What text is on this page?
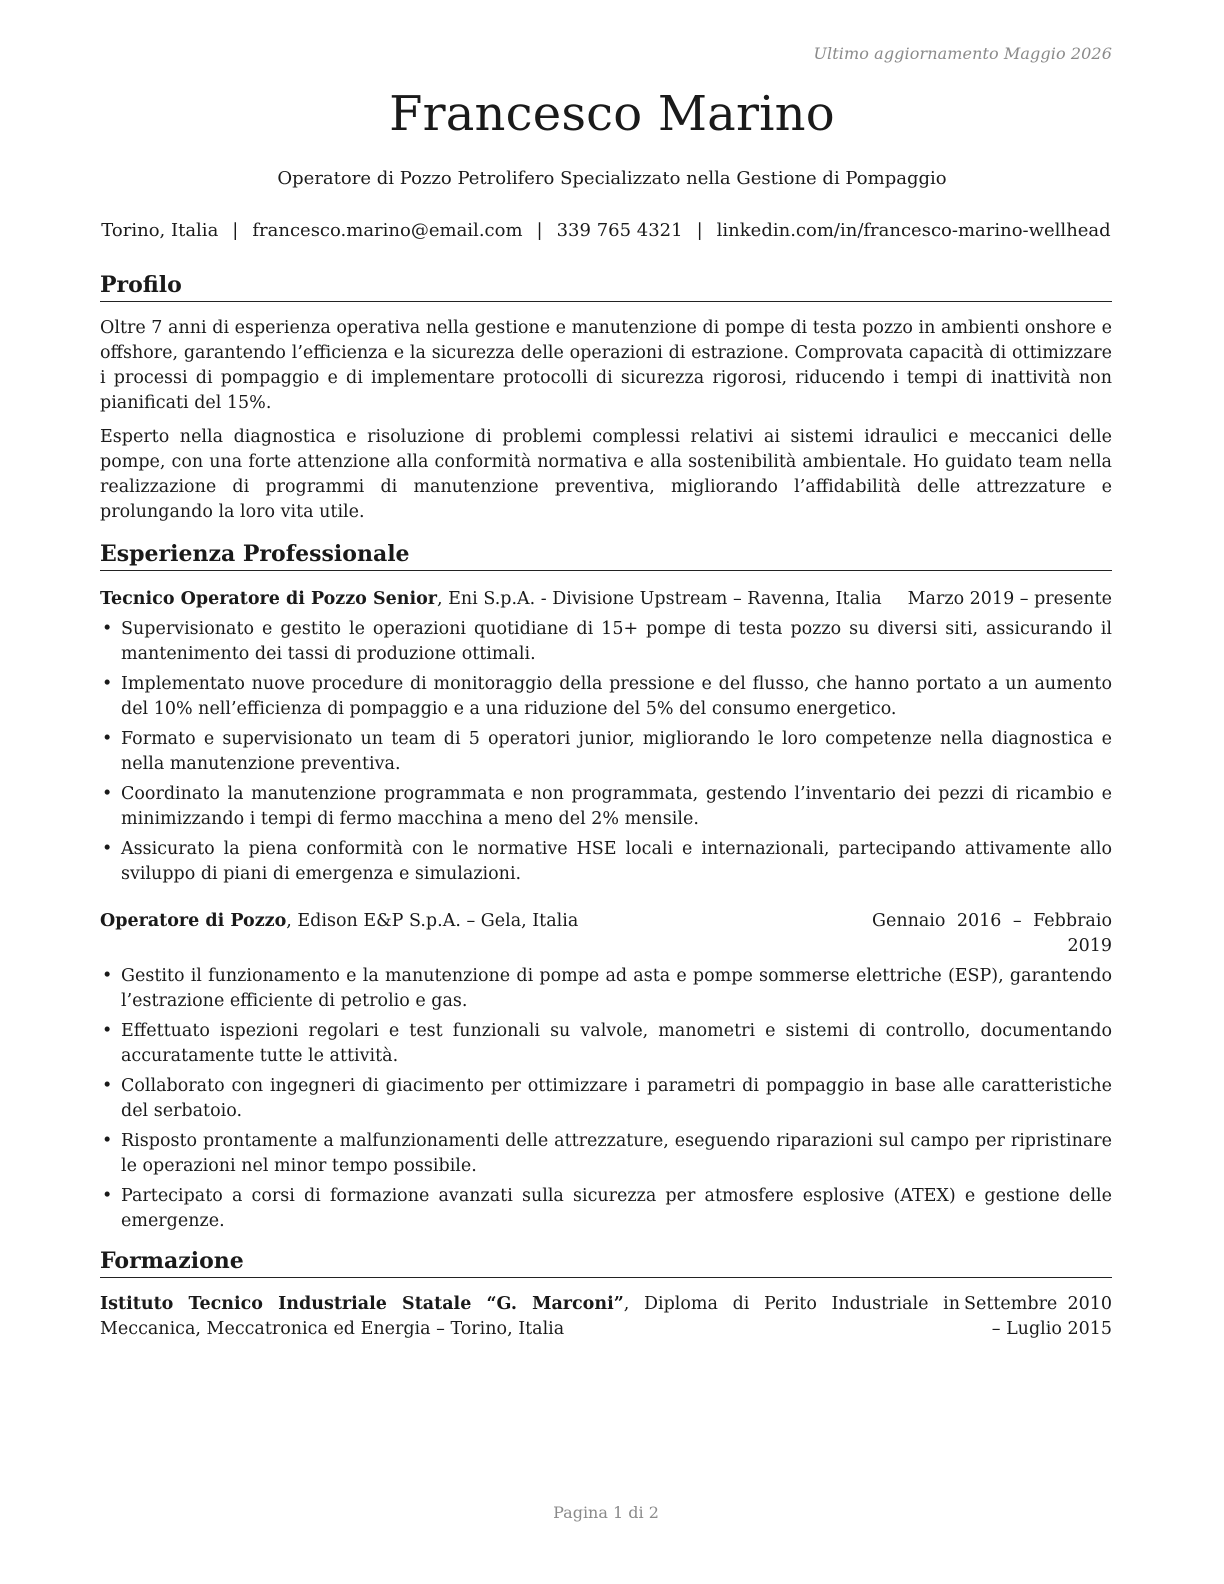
Ultimo aggiornamento Maggio 2026
Francesco Marino

Operatore di Pozzo Petrolifero Specializzato nella Gestione di Pompaggio

Torino, Italia | francesco.marino@email.com | 339 765 4321 | linkedin.com/in/francesco-marino-wellhead

Profilo

Oltre 7 anni di esperienza operativa nella gestione e manutenzione di pompe di testa pozzo in ambienti onshore e offshore, garantendo l’efficienza e la sicurezza delle operazioni di estrazione. Comprovata capacità di ottimizzare i processi di pompaggio e di implementare protocolli di sicurezza rigorosi, riducendo i tempi di inattività non pianificati del 15%.

Esperto nella diagnostica e risoluzione di problemi complessi relativi ai sistemi idraulici e meccanici delle pompe, con una forte attenzione alla conformità normativa e alla sostenibilità ambientale. Ho guidato team nella realizzazione di programmi di manutenzione preventiva, migliorando l’affidabilità delle attrezzature e prolungando la loro vita utile.

Esperienza Professionale
Tecnico Operatore di Pozzo Senior, Eni S.p.A. - Divisione Upstream – Ravenna, Italia	Marzo 2019 – presente
• Supervisionato e gestito le operazioni quotidiane di 15+ pompe di testa pozzo su diversi siti, assicurando il mantenimento dei tassi di produzione ottimali.
• Implementato nuove procedure di monitoraggio della pressione e del flusso, che hanno portato a un aumento del 10% nell’efficienza di pompaggio e a una riduzione del 5% del consumo energetico.
• Formato e supervisionato un team di 5 operatori junior, migliorando le loro competenze nella diagnostica e nella manutenzione preventiva.
• Coordinato la manutenzione programmata e non programmata, gestendo l’inventario dei pezzi di ricambio e minimizzando i tempi di fermo macchina a meno del 2% mensile.
• Assicurato la piena conformità con le normative HSE locali e internazionali, partecipando attivamente allo sviluppo di piani di emergenza e simulazioni.
Operatore di Pozzo, Edison E&P S.p.A. – Gela, Italia	Gennaio 2016 – Febbraio 2019
• Gestito il funzionamento e la manutenzione di pompe ad asta e pompe sommerse elettriche (ESP), garantendo l’estrazione efficiente di petrolio e gas.
• Effettuato ispezioni regolari e test funzionali su valvole, manometri e sistemi di controllo, documentando accuratamente tutte le attività.
• Collaborato con ingegneri di giacimento per ottimizzare i parametri di pompaggio in base alle caratteristiche del serbatoio.
• Risposto prontamente a malfunzionamenti delle attrezzature, eseguendo riparazioni sul campo per ripristinare le operazioni nel minor tempo possibile.
• Partecipato a corsi di formazione avanzati sulla sicurezza per atmosfere esplosive (ATEX) e gestione delle emergenze.
Formazione
Istituto Tecnico Industriale Statale “G. Marconi”, Diploma di Perito Industriale in Meccanica, Meccatronica ed Energia – Torino, Italia
Settembre 2010 – Luglio 2015
Pagina 1 di 2
